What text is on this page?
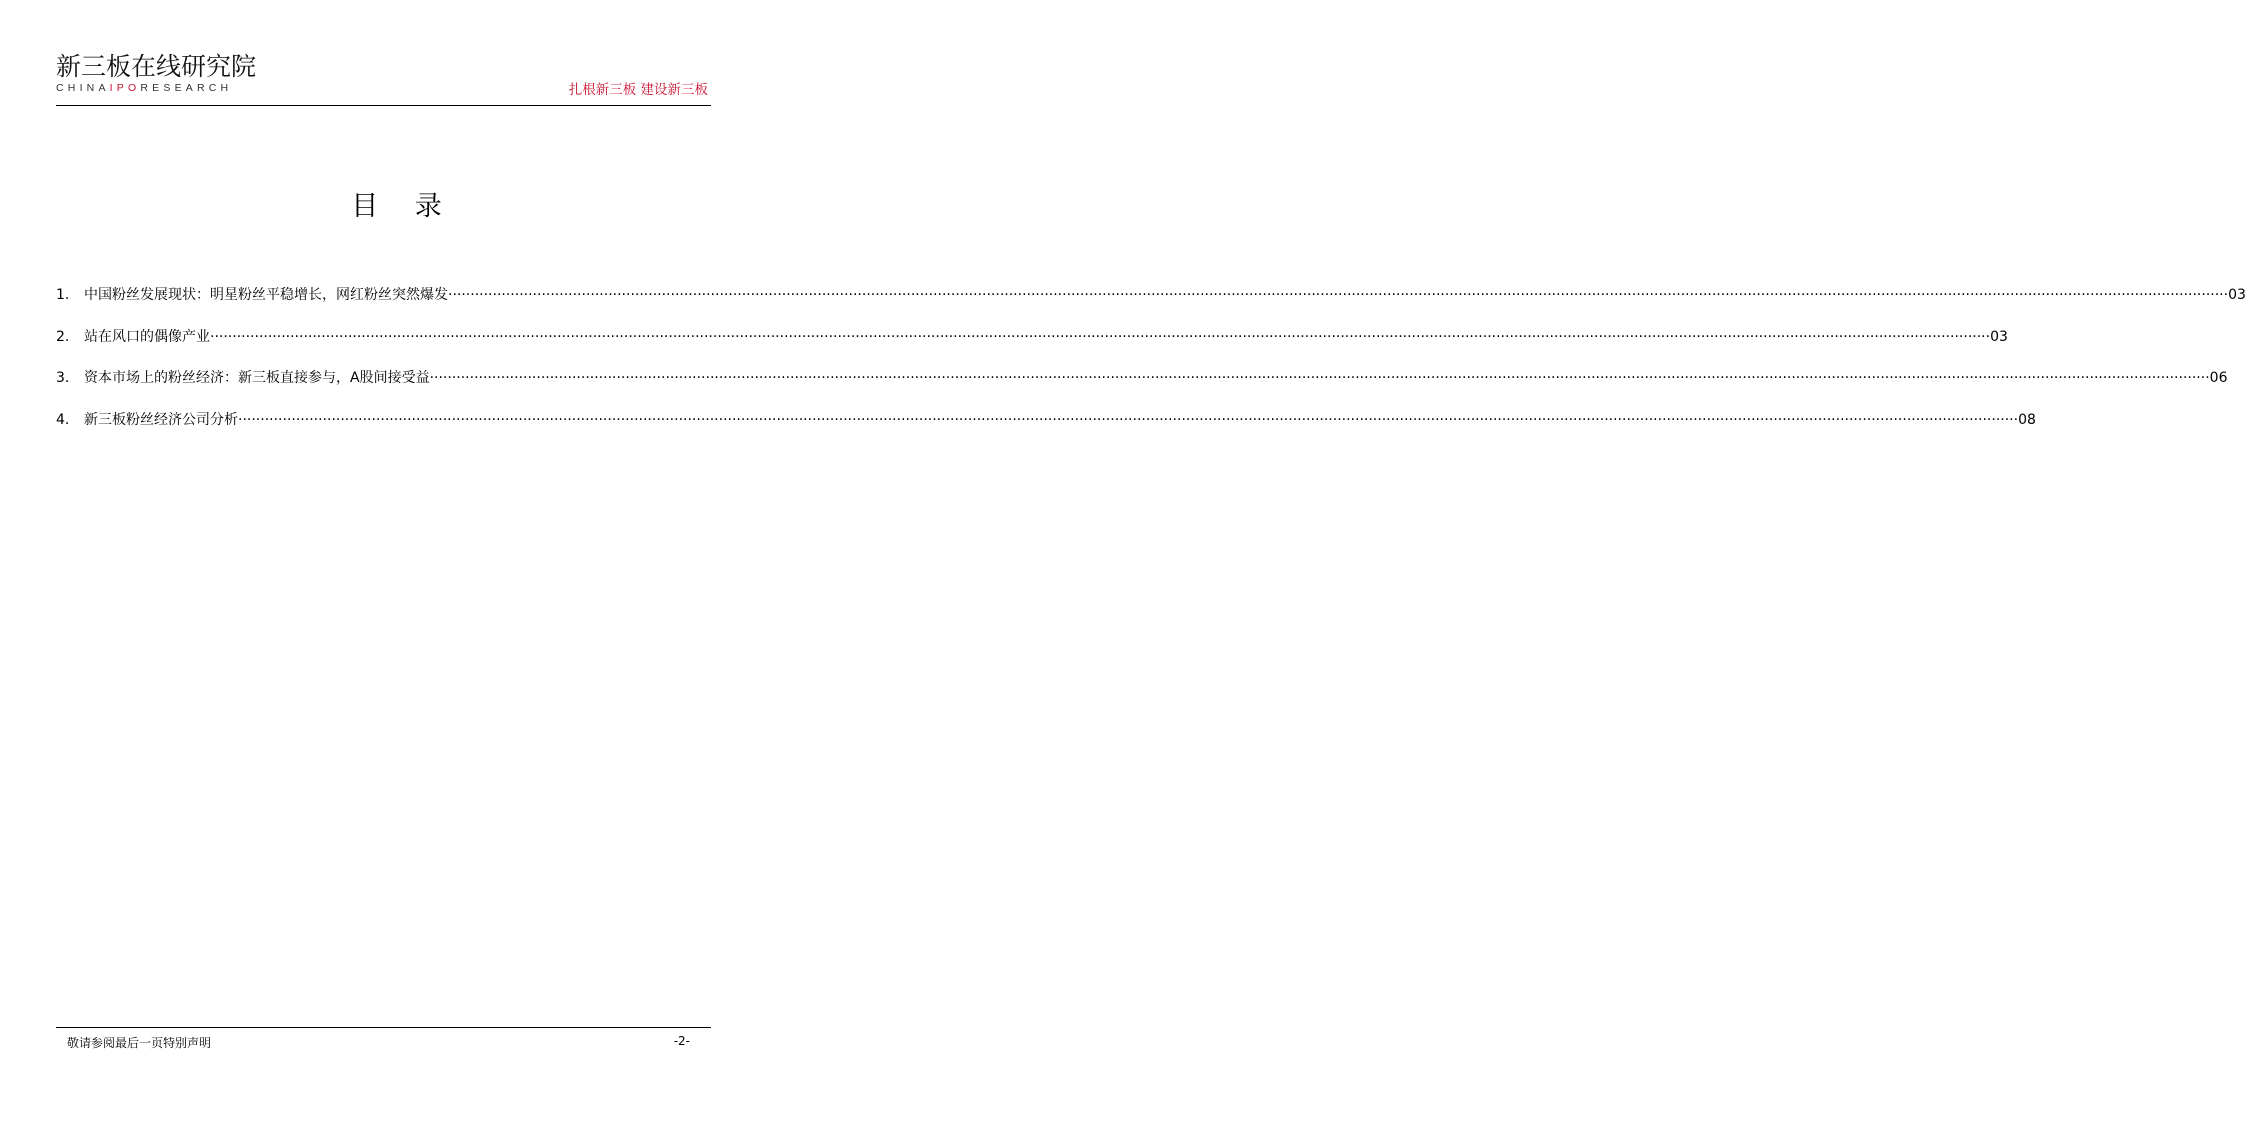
新三板在线研究院
CHINAIPORESEARCH	扎根新三板 建设新三板
目 录
1.	中国粉丝发展现状：明星粉丝平稳增长，网红粉丝突然爆发 ················································································································································································································································································································································································································ 03
2.	站在风口的偶像产业 ················································································································································································································································································································································································································ 03
3.	资本市场上的粉丝经济：新三板直接参与，A股间接受益 ················································································································································································································································································································································································································ 06
4.	新三板粉丝经济公司分析 ················································································································································································································································································································································································································ 08
敬请参阅最后一页特别声明	-2-
